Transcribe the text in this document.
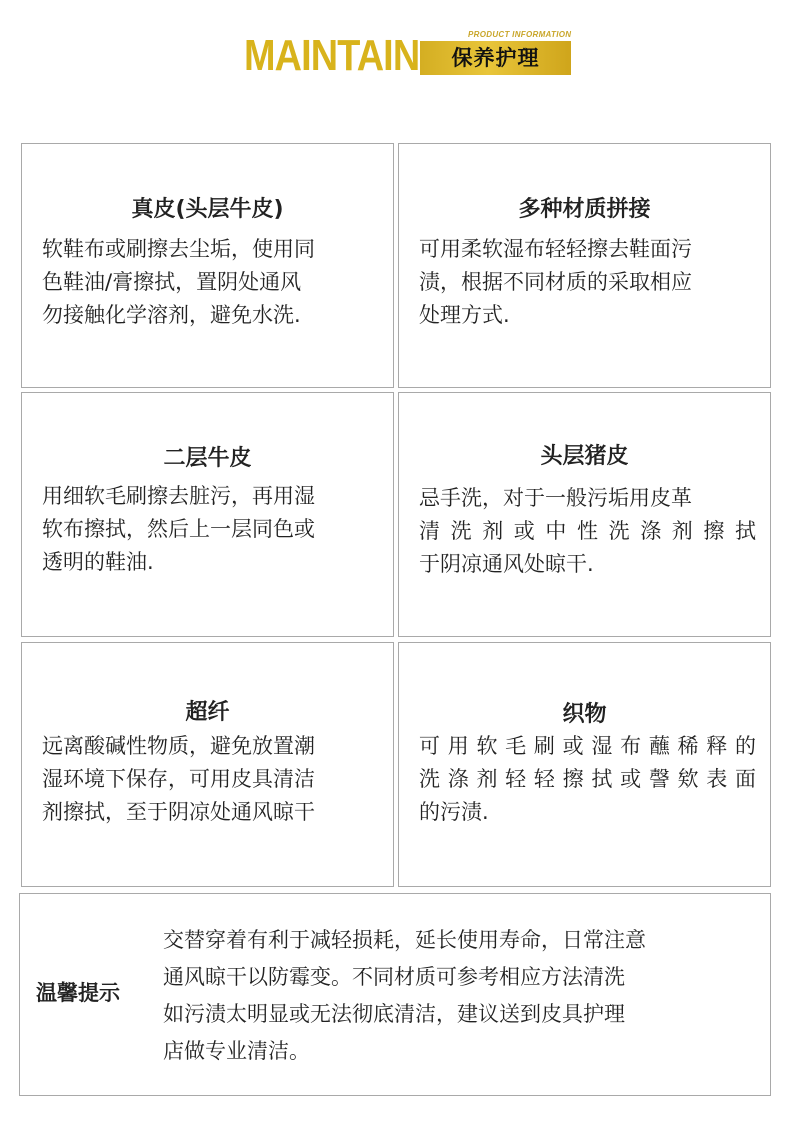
MAINTAIN	PRODUCT INFORMATION
保养护理
真皮(头层牛皮)
软鞋布或刷擦去尘垢，使用同
色鞋油/膏擦拭，置阴处通风
勿接触化学溶剂，避免水洗.
多种材质拼接
可用柔软湿布轻轻擦去鞋面污
渍，根据不同材质的采取相应
处理方式.
二层牛皮
用细软毛刷擦去脏污，再用湿
软布擦拭，然后上一层同色或
透明的鞋油.
头层猪皮
忌手洗，对于一般污垢用皮革
清洗剂或中性洗涤剂擦拭
于阴凉通风处晾干.
超纤
远离酸碱性物质，避免放置潮
湿环境下保存，可用皮具清洁
剂擦拭，至于阴凉处通风晾干
织物
可用软毛刷或湿布蘸稀释的
洗涤剂轻轻擦拭或謦欸表面
的污渍.
温馨提示
交替穿着有利于减轻损耗，延长使用寿命，日常注意
通风晾干以防霉变。不同材质可参考相应方法清洗
如污渍太明显或无法彻底清洁，建议送到皮具护理
店做专业清洁。
